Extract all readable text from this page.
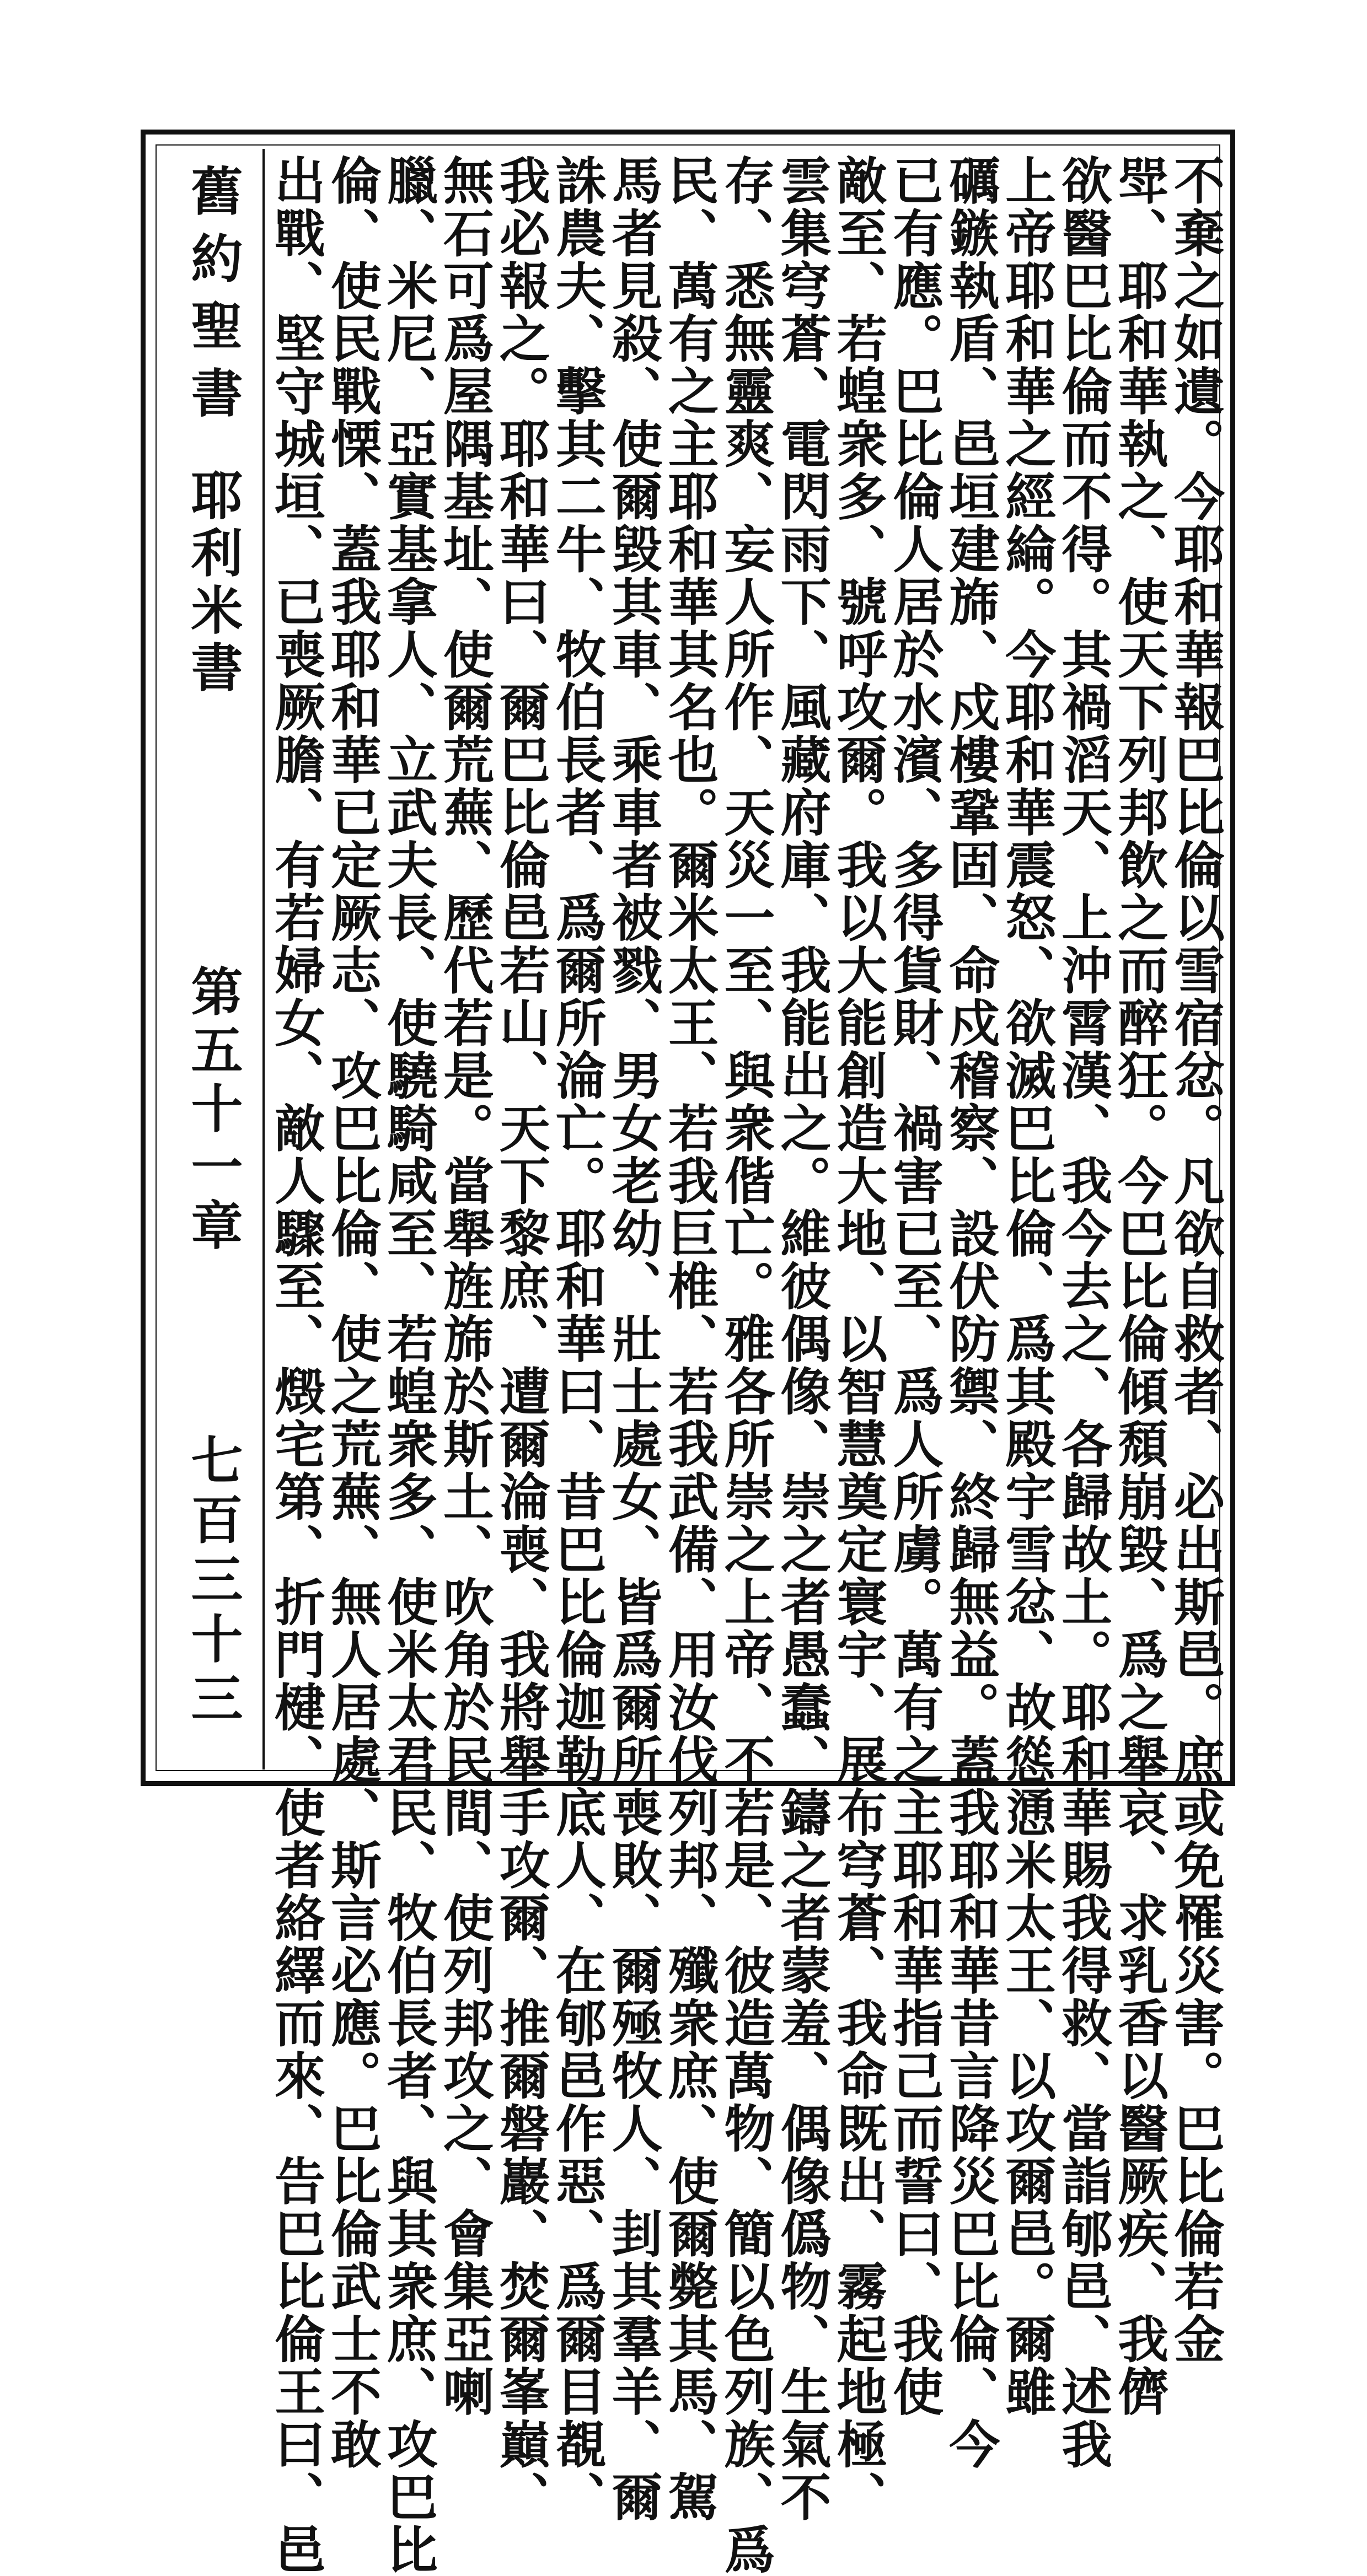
舊約聖書
耶利米書
第五十一章
七百三十三	不棄之如遺。今耶和華報巴比倫以雪宿忿。凡欲自救者、必出斯邑。庶或免罹災害。巴比倫若金
斝、耶和華執之、使天下列邦飲之而醉狂。今巴比倫傾頹崩毀、爲之舉哀、求乳香以醫厥疾、我儕
欲醫巴比倫而不得。其禍滔天、上沖霄漢、我今去之、各歸故土。耶和華賜我得救、當詣郇邑、述我
上帝耶和華之經綸。今耶和華震怒、欲滅巴比倫、爲其殿宇雪忿、故慫慂米太王、以攻爾邑。爾雖
礪鏃執盾、邑垣建旆、戍樓鞏固、命戍稽察、設伏防禦、終歸無益。蓋我耶和華昔言降災巴比倫、今
已有應。巴比倫人居於水濱、多得貨財、禍害已至、爲人所虜。萬有之主耶和華指己而誓曰、我使
敵至、若蝗衆多、號呼攻爾。我以大能創造大地、以智慧奠定寰宇、展布穹蒼、我命既出、霧起地極、
雲集穹蒼、電閃雨下、風藏府庫、我能出之。維彼偶像、崇之者愚蠢、鑄之者蒙羞、偶像僞物、生氣不
存、悉無靈爽、妄人所作、天災一至、與衆偕亡。雅各所崇之上帝、不若是、彼造萬物、簡以色列族、爲
民、萬有之主耶和華其名也。爾米太王、若我巨椎、若我武備、用汝伐列邦、殲衆庶、使爾斃其馬、駕
馬者見殺、使爾毀其車、乘車者被戮、男女老幼、壯士處女、皆爲爾所喪敗、爾殛牧人、刲其羣羊、爾
誅農夫、擊其二牛、牧伯長者、爲爾所淪亡。耶和華曰、昔巴比倫迦勒底人、在郇邑作惡、爲爾目覩、
我必報之。耶和華曰、爾巴比倫邑若山、天下黎庶、遭爾淪喪、我將舉手攻爾、推爾磐巖、焚爾峯巔、
無石可爲屋隅基址、使爾荒蕪、歷代若是。當舉旌旆於斯土、吹角於民間、使列邦攻之、會集亞喇
臘、米尼、亞實基拿人、立武夫長、使驍騎咸至、若蝗衆多、使米太君民、牧伯長者、與其衆庶、攻巴比
倫、使民戰慄、蓋我耶和華已定厥志、攻巴比倫、使之荒蕪、無人居處、斯言必應。巴比倫武士不敢
出戰、堅守城垣、已喪厥膽、有若婦女、敵人驟至、燬宅第、折門楗、使者絡繹而來、告巴比倫王曰、邑
